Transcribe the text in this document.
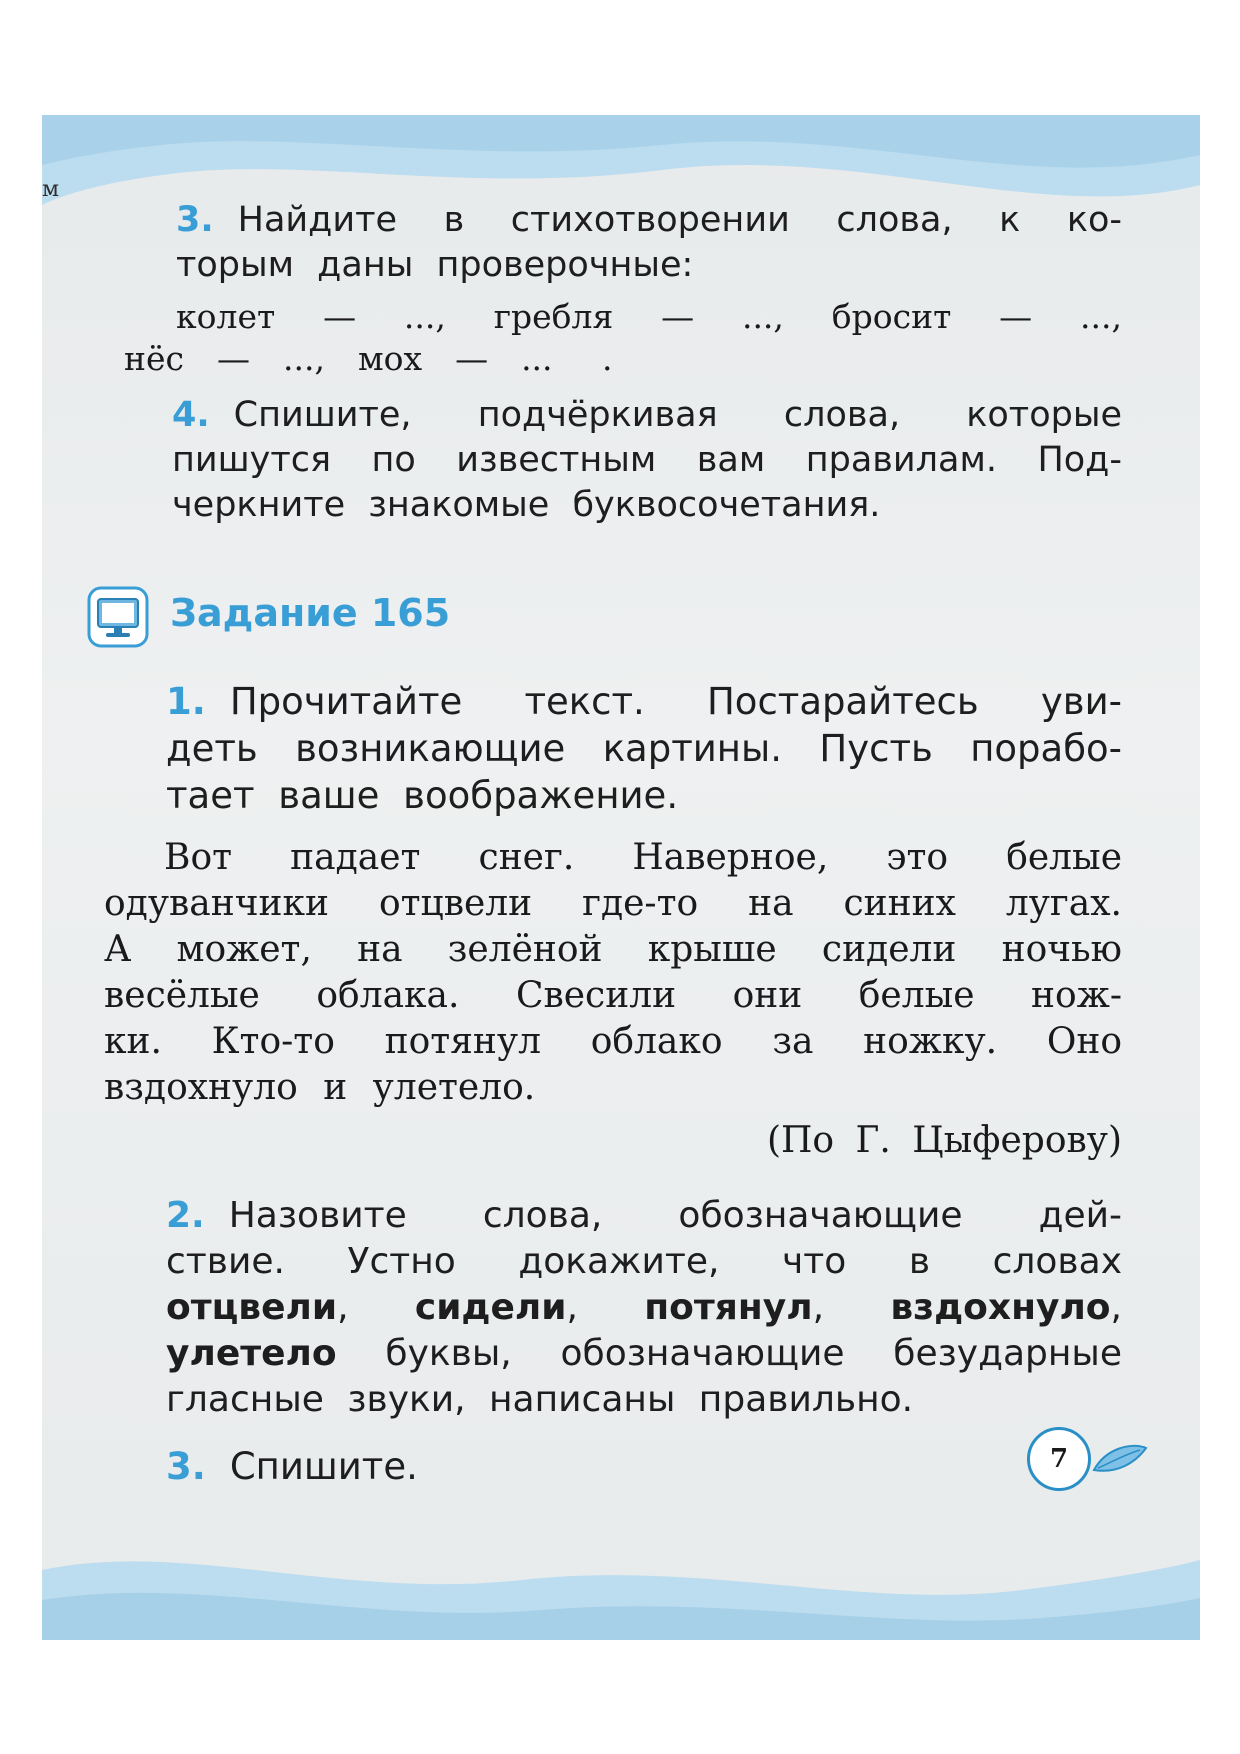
м
3. Найдите в стихотворении слова, к ко-
торым даны проверочные:
колет — ..., гребля — ..., бросит — ...,
нёс — ..., мох — ... .
4. Спишите, подчёркивая слова, которые
пишутся по известным вам правилам. Под-
черкните знакомые буквосочетания.
Задание 165
1. Прочитайте текст. Постарайтесь уви-
деть возникающие картины. Пусть порабо-
тает ваше воображение.
Вот падает снег. Наверное, это белые
одуванчики отцвели где-то на синих лугах.
А может, на зелёной крыше сидели ночью
весёлые облака. Свесили они белые нож-
ки. Кто-то потянул облако за ножку. Оно
вздохнуло и улетело.
(По Г. Цыферову)
2. Назовите слова, обозначающие дей-
ствие. Устно докажите, что в словах
отцвели, сидели, потянул, вздохнуло,
улетело буквы, обозначающие безударные
гласные звуки, написаны правильно.
3. Спишите.	7
